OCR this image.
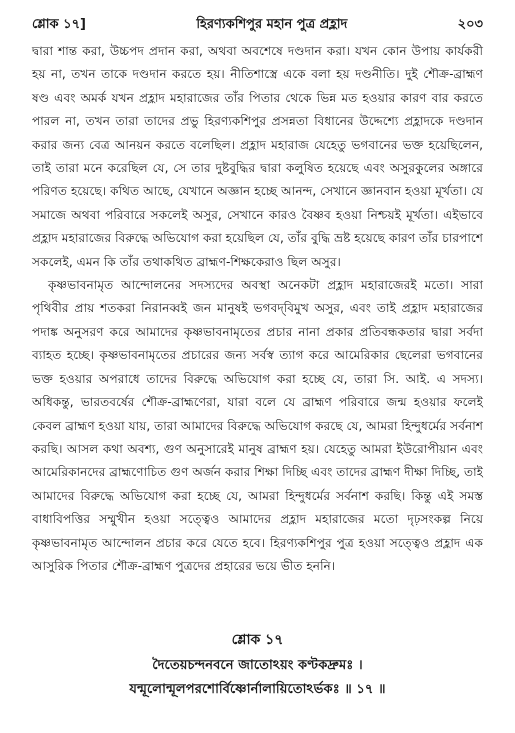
শ্লোক ১৭]	হিরণ্যকশিপুর মহান পুত্র প্রহ্লাদ	২০৩

দ্বারা শান্ত করা, উচ্চপদ প্রদান করা, অথবা অবশেষে দণ্ডদান করা। যখন কোন উপায় কার্যকরী হয় না, তখন তাকে দণ্ডদান করতে হয়। নীতিশাস্ত্রে একে বলা হয় দণ্ডনীতি। দুই শৌক্র-ব্রাহ্মণ ষণ্ড এবং অমর্ক যখন প্রহ্লাদ মহারাজের তাঁর পিতার থেকে ভিন্ন মত হওয়ার কারণ বার করতে পারল না, তখন তারা তাদের প্রভু হিরণ্যকশিপুর প্রসন্নতা বিধানের উদ্দেশ্যে প্রহ্লাদকে দণ্ডদান করার জন্য বেত্র আনয়ন করতে বলেছিল। প্রহ্লাদ মহারাজ যেহেতু ভগবানের ভক্ত হয়েছিলেন, তাই তারা মনে করেছিল যে, সে তার দুষ্টবুদ্ধির দ্বারা কলুষিত হয়েছে এবং অসুরকুলের অঙ্গারে পরিণত হয়েছে। কথিত আছে, যেখানে অজ্ঞান হচ্ছে আনন্দ, সেখানে জ্ঞানবান হওয়া মূর্খতা। যে সমাজে অথবা পরিবারে সকলেই অসুর, সেখানে কারও বৈষ্ণব হওয়া নিশ্চয়ই মূর্খতা। এইভাবে প্রহ্লাদ মহারাজের বিরুদ্ধে অভিযোগ করা হয়েছিল যে, তাঁর বুদ্ধি ভ্রষ্ট হয়েছে কারণ তাঁর চারপাশে সকলেই, এমন কি তাঁর তথাকথিত ব্রাহ্মণ-শিক্ষকেরাও ছিল অসুর।

কৃষ্ণভাবনামৃত আন্দোলনের সদস্যদের অবস্থা অনেকটা প্রহ্লাদ মহারাজেরই মতো। সারা পৃথিবীর প্রায় শতকরা নিরানব্বই জন মানুষই ভগবদ্‌বিমুখ অসুর, এবং তাই প্রহ্লাদ মহারাজের পদাঙ্ক অনুসরণ করে আমাদের কৃষ্ণভাবনামৃতের প্রচার নানা প্রকার প্রতিবন্ধকতার দ্বারা সর্বদা ব্যাহত হচ্ছে। কৃষ্ণভাবনামৃতের প্রচারের জন্য সর্বস্ব ত্যাগ করে আমেরিকার ছেলেরা ভগবানের ভক্ত হওয়ার অপরাধে তাদের বিরুদ্ধে অভিযোগ করা হচ্ছে যে, তারা সি. আই. এ সদস্য। অধিকন্তু, ভারতবর্ষের শৌক্র-ব্রাহ্মণেরা, যারা বলে যে ব্রাহ্মণ পরিবারে জন্ম হওয়ার ফলেই কেবল ব্রাহ্মণ হওয়া যায়, তারা আমাদের বিরুদ্ধে অভিযোগ করছে যে, আমরা হিন্দুধর্মের সর্বনাশ করছি। আসল কথা অবশ্য, গুণ অনুসারেই মানুষ ব্রাহ্মণ হয়। যেহেতু আমরা ইউরোপীয়ান এবং আমেরিকানদের ব্রাহ্মণোচিত গুণ অর্জন করার শিক্ষা দিচ্ছি এবং তাদের ব্রাহ্মণ দীক্ষা দিচ্ছি, তাই আমাদের বিরুদ্ধে অভিযোগ করা হচ্ছে যে, আমরা হিন্দুধর্মের সর্বনাশ করছি। কিন্তু এই সমস্ত বাধাবিপত্তির সম্মুখীন হওয়া সত্ত্বেও আমাদের প্রহ্লাদ মহারাজের মতো দৃঢ়সংকল্প নিয়ে কৃষ্ণভাবনামৃত আন্দোলন প্রচার করে যেতে হবে। হিরণ্যকশিপুর পুত্র হওয়া সত্ত্বেও প্রহ্লাদ এক আসুরিক পিতার শৌক্র-ব্রাহ্মণ পুত্রদের প্রহারের ভয়ে ভীত হননি।

শ্লোক ১৭
দৈতেয়চন্দনবনে জাতোঽয়ং কণ্টকদ্রুমঃ ।
যন্মূলোন্মূলপরশোর্বিষ্ণোর্নালায়িতোঽর্ভকঃ ॥ ১৭ ॥
